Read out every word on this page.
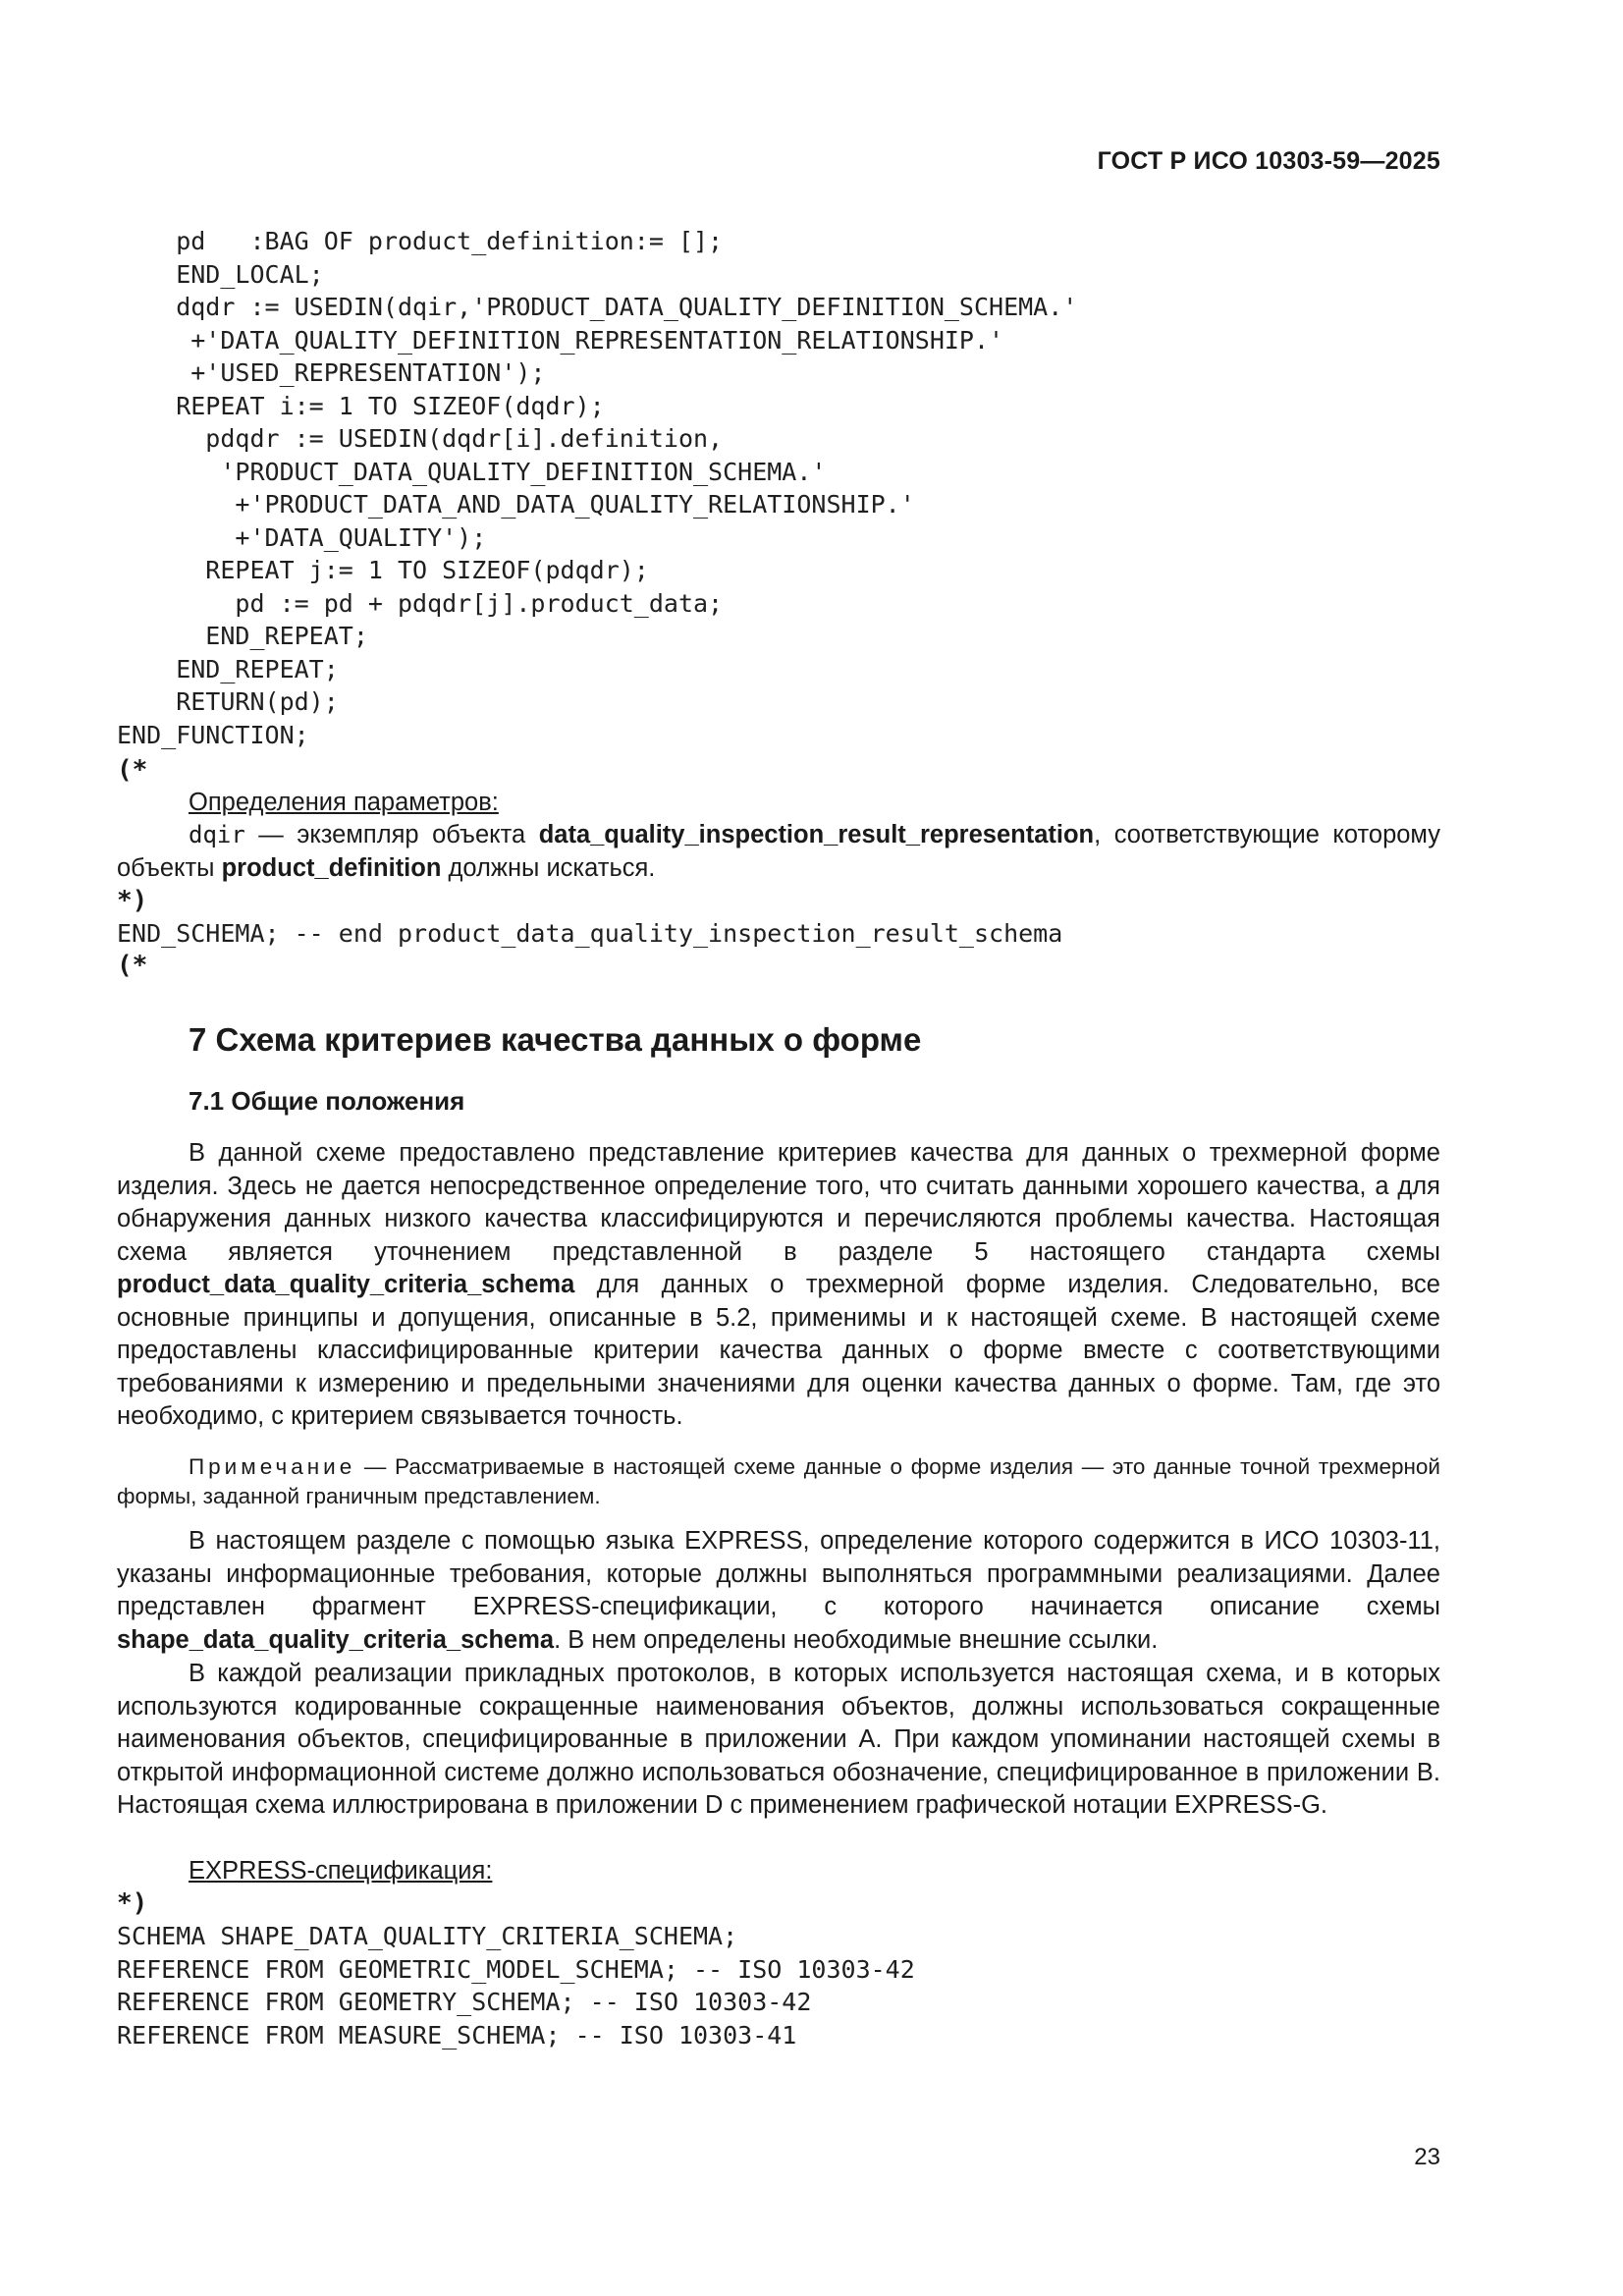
ГОСТ Р ИСО 10303-59—2025
pd   :BAG OF product_definition:= [];
END_LOCAL;
dqdr := USEDIN(dqir,'PRODUCT_DATA_QUALITY_DEFINITION_SCHEMA.'
+'DATA_QUALITY_DEFINITION_REPRESENTATION_RELATIONSHIP.'
+'USED_REPRESENTATION');
REPEAT i:= 1 TO SIZEOF(dqdr);
pdqdr := USEDIN(dqdr[i].definition,
'PRODUCT_DATA_QUALITY_DEFINITION_SCHEMA.'
+'PRODUCT_DATA_AND_DATA_QUALITY_RELATIONSHIP.'
+'DATA_QUALITY');
REPEAT j:= 1 TO SIZEOF(pdqdr);
pd := pd + pdqdr[j].product_data;
END_REPEAT;
END_REPEAT;
RETURN(pd);
END_FUNCTION;
(*
Определения параметров:
dqir — экземпляр объекта data_quality_inspection_result_representation, соответствующие которому объекты product_definition должны искаться.
*)
END_SCHEMA; -- end product_data_quality_inspection_result_schema
(*
7 Схема критериев качества данных о форме
7.1 Общие положения
В данной схеме предоставлено представление критериев качества для данных о трехмерной форме изделия. Здесь не дается непосредственное определение того, что считать данными хорошего качества, а для обнаружения данных низкого качества классифицируются и перечисляются проблемы качества. Настоящая схема является уточнением представленной в разделе 5 настоящего стандарта схемы product_data_quality_criteria_schema для данных о трехмерной форме изделия. Следовательно, все основные принципы и допущения, описанные в 5.2, применимы и к настоящей схеме. В настоящей схеме предоставлены классифицированные критерии качества данных о форме вместе с соответствующими требованиями к измерению и предельными значениями для оценки качества данных о форме. Там, где это необходимо, с критерием связывается точность.
Примечание — Рассматриваемые в настоящей схеме данные о форме изделия — это данные точной трехмерной формы, заданной граничным представлением.
В настоящем разделе с помощью языка EXPRESS, определение которого содержится в ИСО 10303-11, указаны информационные требования, которые должны выполняться программными реализациями. Далее представлен фрагмент EXPRESS-спецификации, с которого начинается описание схемы shape_data_quality_criteria_schema. В нем определены необходимые внешние ссылки.
В каждой реализации прикладных протоколов, в которых используется настоящая схема, и в которых используются кодированные сокращенные наименования объектов, должны использоваться сокращенные наименования объектов, специфицированные в приложении А. При каждом упоминании настоящей схемы в открытой информационной системе должно использоваться обозначение, специфицированное в приложении В. Настоящая схема иллюстрирована в приложении D с применением графической нотации EXPRESS-G.
EXPRESS-спецификация:
*)
SCHEMA SHAPE_DATA_QUALITY_CRITERIA_SCHEMA;
REFERENCE FROM GEOMETRIC_MODEL_SCHEMA; -- ISO 10303-42
REFERENCE FROM GEOMETRY_SCHEMA; -- ISO 10303-42
REFERENCE FROM MEASURE_SCHEMA; -- ISO 10303-41
23
